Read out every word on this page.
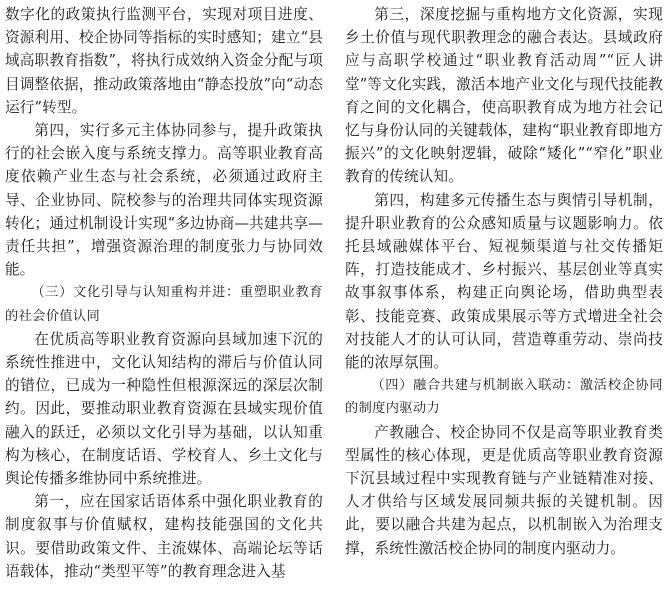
数字化的政策执行监测平台，实现对项目进度、资源利用、校企协同等指标的实时感知；建立“县域高职教育指数”，将执行成效纳入资金分配与项目调整依据，推动政策落地由“静态投放”向“动态运行”转型。

第四，实行多元主体协同参与，提升政策执行的社会嵌入度与系统支撑力。高等职业教育高度依赖产业生态与社会系统，必须通过政府主导、企业协同、院校参与的治理共同体实现资源转化；通过机制设计实现“多边协商—共建共享—责任共担”，增强资源治理的制度张力与协同效能。

（三）文化引导与认知重构并进：重塑职业教育的社会价值认同

在优质高等职业教育资源向县域加速下沉的系统性推进中，文化认知结构的滞后与价值认同的错位，已成为一种隐性但根源深远的深层次制约。因此，要推动职业教育资源在县域实现价值融入的跃迁，必须以文化引导为基础，以认知重构为核心，在制度话语、学校育人、乡土文化与舆论传播多维协同中系统推进。

第一，应在国家话语体系中强化职业教育的制度叙事与价值赋权，建构技能强国的文化共识。要借助政策文件、主流媒体、高端论坛等话语载体，推动“类型平等”的教育理念进入基

第三，深度挖掘与重构地方文化资源，实现乡土价值与现代职教理念的融合表达。县域政府应与高职学校通过“职业教育活动周”“匠人讲堂”等文化实践，激活本地产业文化与现代技能教育之间的文化耦合，使高职教育成为地方社会记忆与身份认同的关键载体，建构“职业教育即地方振兴”的文化映射逻辑，破除“矮化”“窄化”职业教育的传统认知。

第四，构建多元传播生态与舆情引导机制，提升职业教育的公众感知质量与议题影响力。依托县域融媒体平台、短视频渠道与社交传播矩阵，打造技能成才、乡村振兴、基层创业等真实故事叙事体系，构建正向舆论场，借助典型表彰、技能竞赛、政策成果展示等方式增进全社会对技能人才的认可认同，营造尊重劳动、崇尚技能的浓厚氛围。

（四）融合共建与机制嵌入联动：激活校企协同的制度内驱动力

产教融合、校企协同不仅是高等职业教育类型属性的核心体现，更是优质高等职业教育资源下沉县域过程中实现教育链与产业链精准对接、人才供给与区域发展同频共振的关键机制。因此，要以融合共建为起点，以机制嵌入为治理支撑，系统性激活校企协同的制度内驱动力。
